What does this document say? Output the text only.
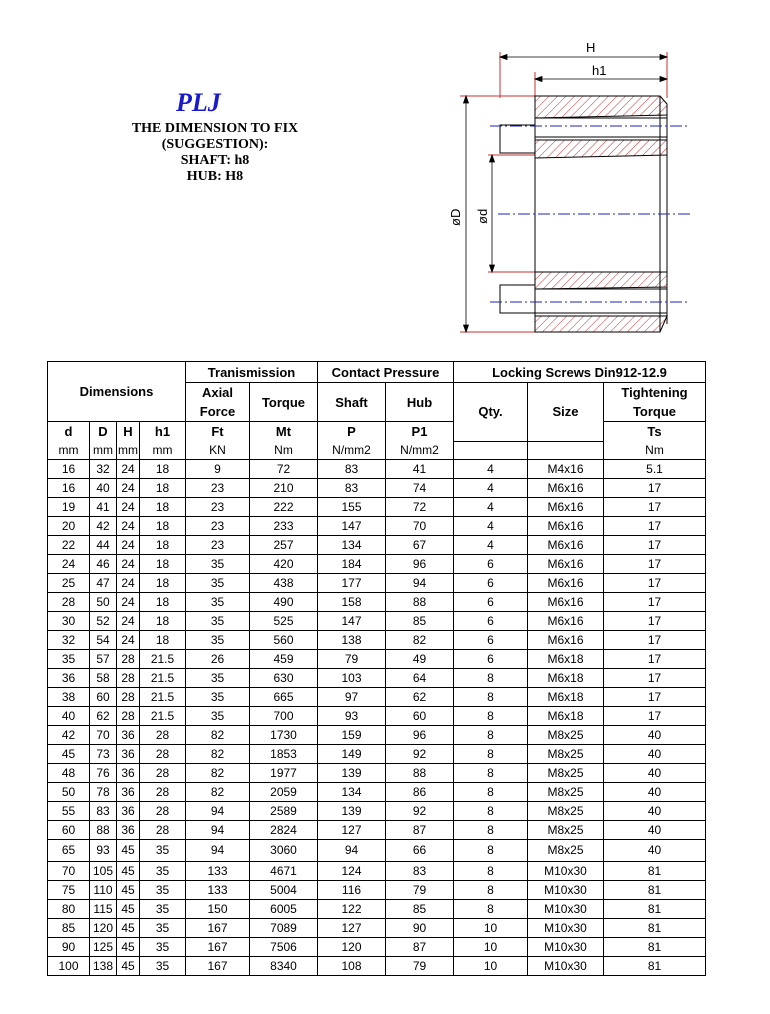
PLJ
THE DIMENSION TO FIX
(SUGGESTION):
SHAFT: h8
HUB: H8
H
h1
øD ød
Dimensions				Tranismission		Contact Pressure		Locking Screws Din912-12.9		
				Axial	Torque	Shaft	Hub	Qty.	Size	Tightening
				Force						Torque
d	D	H	h1	Ft	Mt	P	P1			Ts
mm	mm	mm	mm	KN	Nm	N/mm2	N/mm2			Nm
16	32	24	18	9	72	83	41	4	M4x16	5.1
16	40	24	18	23	210	83	74	4	M6x16	17
19	41	24	18	23	222	155	72	4	M6x16	17
20	42	24	18	23	233	147	70	4	M6x16	17
22	44	24	18	23	257	134	67	4	M6x16	17
24	46	24	18	35	420	184	96	6	M6x16	17
25	47	24	18	35	438	177	94	6	M6x16	17
28	50	24	18	35	490	158	88	6	M6x16	17
30	52	24	18	35	525	147	85	6	M6x16	17
32	54	24	18	35	560	138	82	6	M6x16	17
35	57	28	21.5	26	459	79	49	6	M6x18	17
36	58	28	21.5	35	630	103	64	8	M6x18	17
38	60	28	21.5	35	665	97	62	8	M6x18	17
40	62	28	21.5	35	700	93	60	8	M6x18	17
42	70	36	28	82	1730	159	96	8	M8x25	40
45	73	36	28	82	1853	149	92	8	M8x25	40
48	76	36	28	82	1977	139	88	8	M8x25	40
50	78	36	28	82	2059	134	86	8	M8x25	40
55	83	36	28	94	2589	139	92	8	M8x25	40
60	88	36	28	94	2824	127	87	8	M8x25	40
65	93	45	35	94	3060	94	66	8	M8x25	40
70	105	45	35	133	4671	124	83	8	M10x30	81
75	110	45	35	133	5004	116	79	8	M10x30	81
80	115	45	35	150	6005	122	85	8	M10x30	81
85	120	45	35	167	7089	127	90	10	M10x30	81
90	125	45	35	167	7506	120	87	10	M10x30	81
100	138	45	35	167	8340	108	79	10	M10x30	81
